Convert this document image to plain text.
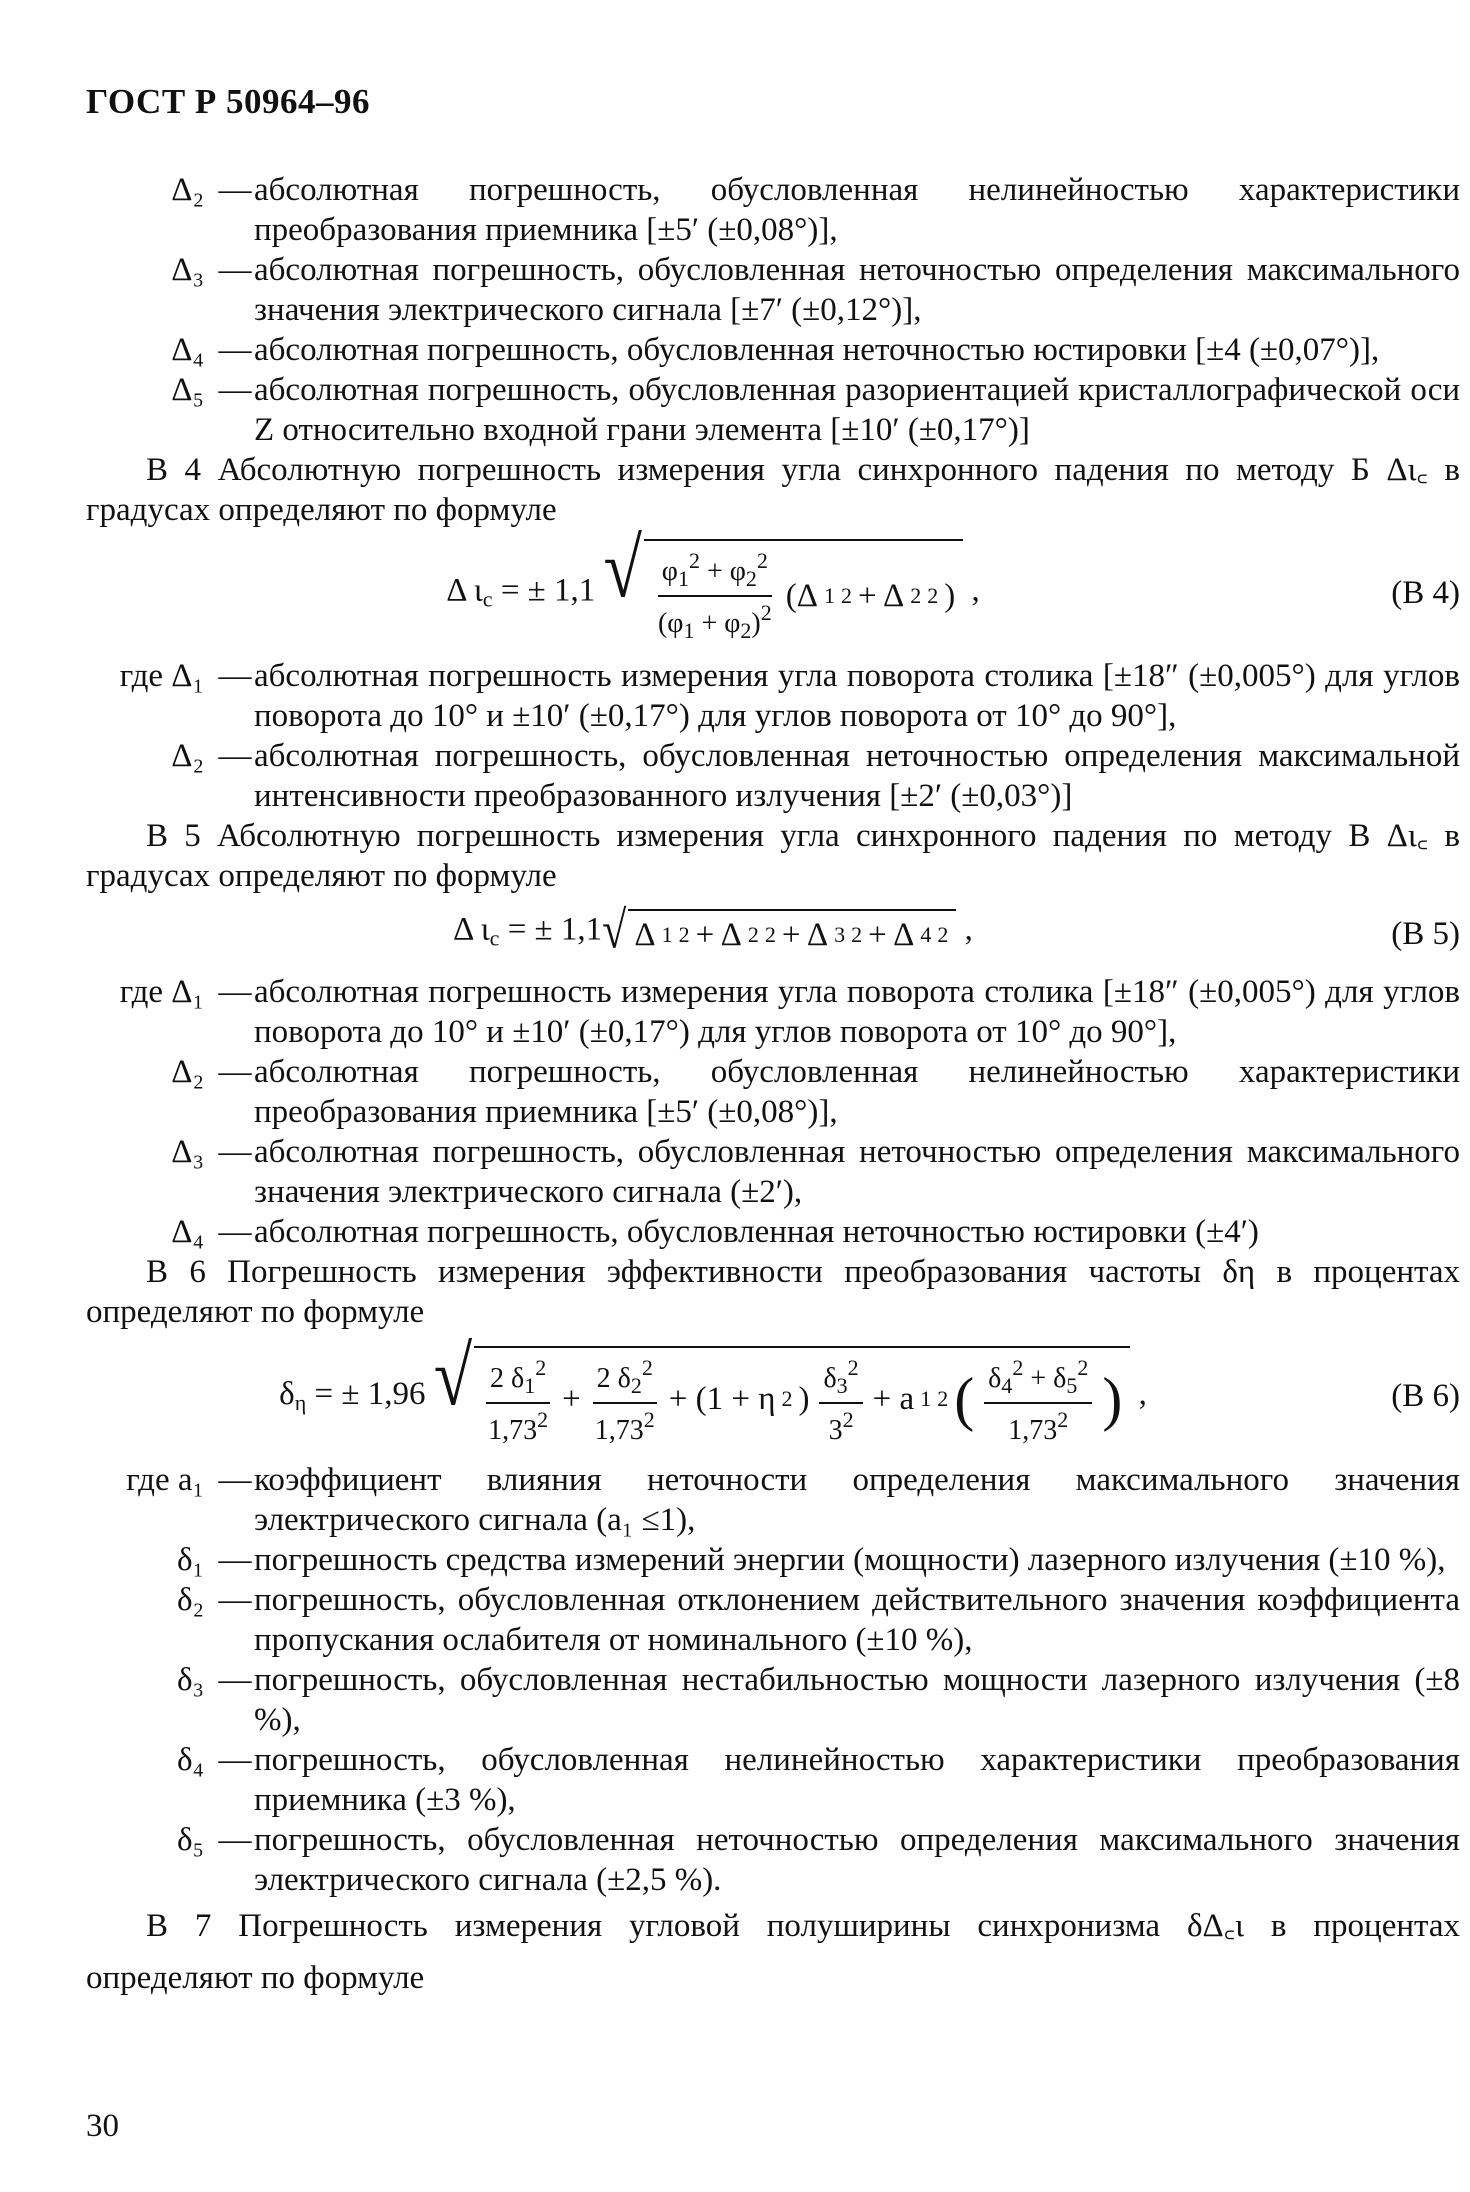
ГОСТ Р 50964–96
Δ₂ — абсолютная погрешность, обусловленная нелинейностью характеристики преобразования приемника [±5′ (±0,08°)],
Δ₃ — абсолютная погрешность, обусловленная неточностью определения максимального значения электрического сигнала [±7′ (±0,12°)],
Δ₄ — абсолютная погрешность, обусловленная неточностью юстировки [±4 (±0,07°)],
Δ₅ — абсолютная погрешность, обусловленная разориентацией кристаллографической оси Z относительно входной грани элемента [±10′ (±0,17°)]

В 4 Абсолютную погрешность измерения угла синхронного падения по методу Б Δι꜀ в градусах определяют по формуле

Δ $\iota_c$ = ± 1,1 √ $\frac{\varphi_1^2 + \varphi_2^2}{(\varphi_1 + \varphi_2)^2} (\Delta$ 1 2 + Δ 2 2 ) ,	(В 4)
где Δ₁ — абсолютная погрешность измерения угла поворота столика [±18″ (±0,005°) для углов поворота до 10° и ±10′ (±0,17°) для углов поворота от 10° до 90°],
Δ₂ — абсолютная погрешность, обусловленная неточностью определения максимальной интенсивности преобразованного излучения [±2′ (±0,03°)]

В 5 Абсолютную погрешность измерения угла синхронного падения по методу В Δι꜀ в градусах определяют по формуле

Δ $\iota_c$ = ± 1,1 √ Δ 1 2 + Δ 2 2 + Δ 3 2 + Δ 4 2 ,	(В 5)
где Δ₁ — абсолютная погрешность измерения угла поворота столика [±18″ (±0,005°) для углов поворота до 10° и ±10′ (±0,17°) для углов поворота от 10° до 90°],
Δ₂ — абсолютная погрешность, обусловленная нелинейностью характеристики преобразования приемника [±5′ (±0,08°)],
Δ₃ — абсолютная погрешность, обусловленная неточностью определения максимального значения электрического сигнала (±2′),
Δ₄ — абсолютная погрешность, обусловленная неточностью юстировки (±4′)

В 6 Погрешность измерения эффективности преобразования частоты δη в процентах определяют по формуле

$\delta_\eta$ = ± 1,96 √ $\frac{2 \delta_1^2}{1,73^2} + \frac{2 \delta_2^2}{1,73^2} + (1 + \eta$ 2 ) $\frac{\delta_3^2}{3^2} + a$ 1 2 ( $\frac{\delta_4^2 + \delta_5^2}{1,73^2}$ ) ,	(В 6)
где a₁ — коэффициент влияния неточности определения максимального значения электрического сигнала (a₁ ≤1),
δ₁ — погрешность средства измерений энергии (мощности) лазерного излучения (±10 %),
δ₂ — погрешность, обусловленная отклонением действительного значения коэффициента пропускания ослабителя от номинального (±10 %),
δ₃ — погрешность, обусловленная нестабильностью мощности лазерного излучения (±8 %),
δ₄ — погрешность, обусловленная нелинейностью характеристики преобразования приемника (±3 %),
δ₅ — погрешность, обусловленная неточностью определения максимального значения электрического сигнала (±2,5 %).

В 7 Погрешность измерения угловой полуширины синхронизма δΔ꜀ι в процентах определяют по формуле

30
